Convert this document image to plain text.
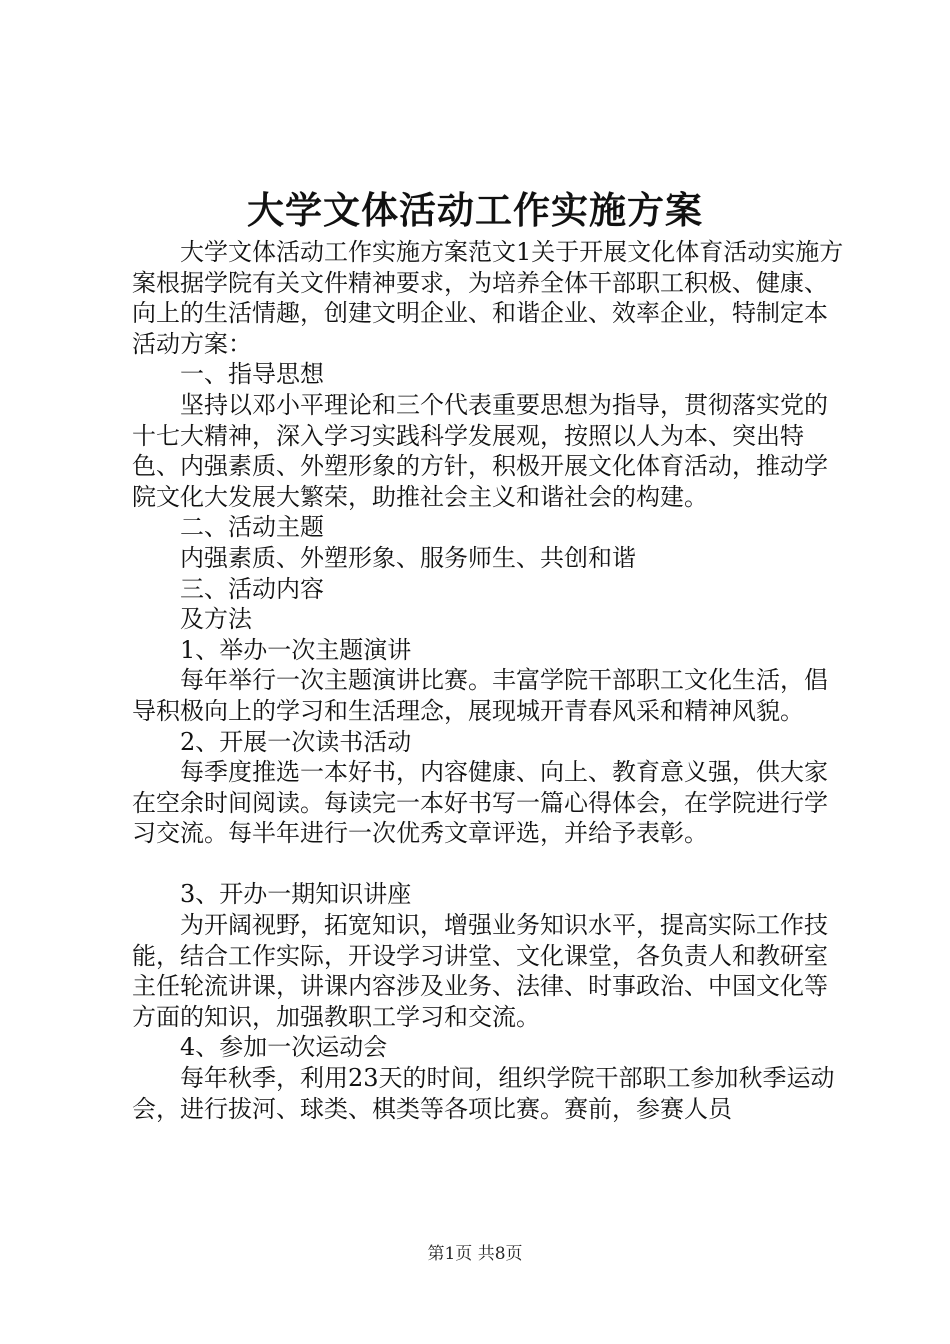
大学文体活动工作实施方案

大学文体活动工作实施方案范文1关于开展文化体育活动实施方案根据学院有关文件精神要求，为培养全体干部职工积极、健康、向上的生活情趣，创建文明企业、和谐企业、效率企业，特制定本活动方案：

一、指导思想

坚持以邓小平理论和三个代表重要思想为指导，贯彻落实党的十七大精神，深入学习实践科学发展观，按照以人为本、突出特色、内强素质、外塑形象的方针，积极开展文化体育活动，推动学院文化大发展大繁荣，助推社会主义和谐社会的构建。

二、活动主题

内强素质、外塑形象、服务师生、共创和谐

三、活动内容

及方法

1、举办一次主题演讲

每年举行一次主题演讲比赛。丰富学院干部职工文化生活，倡导积极向上的学习和生活理念，展现城开青春风采和精神风貌。

2、开展一次读书活动

每季度推选一本好书，内容健康、向上、教育意义强，供大家在空余时间阅读。每读完一本好书写一篇心得体会，在学院进行学习交流。每半年进行一次优秀文章评选，并给予表彰。

3、开办一期知识讲座

为开阔视野，拓宽知识，增强业务知识水平，提高实际工作技能，结合工作实际，开设学习讲堂、文化课堂，各负责人和教研室主任轮流讲课，讲课内容涉及业务、法律、时事政治、中国文化等方面的知识，加强教职工学习和交流。

4、参加一次运动会

每年秋季，利用23天的时间，组织学院干部职工参加秋季运动会，进行拔河、球类、棋类等各项比赛。赛前，参赛人员

第1页 共8页
